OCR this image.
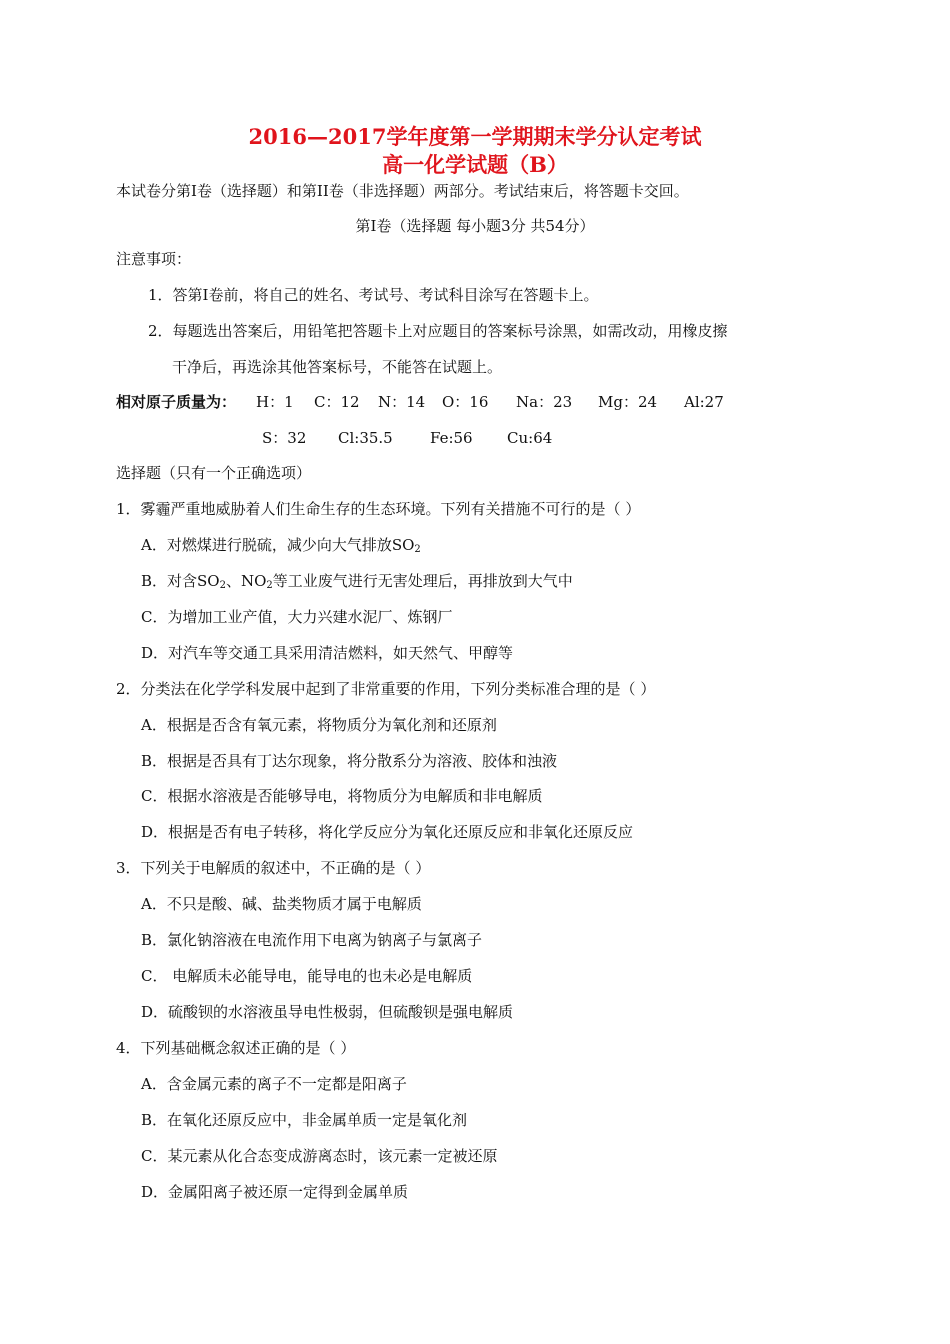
2016—2017学年度第一学期期末学分认定考试
高一化学试题（B）
本试卷分第Ⅰ卷（选择题）和第II卷（非选择题）两部分。考试结束后，将答题卡交回。
第Ⅰ卷（选择题 每小题3分 共54分）
注意事项：
1．答第Ⅰ卷前，将自己的姓名、考试号、考试科目涂写在答题卡上。
2．每题选出答案后，用铅笔把答题卡上对应题目的答案标号涂黑，如需改动，用橡皮擦
干净后，再选涂其他答案标号，不能答在试题上。
相对原子质量为： H：1 C：12 N：14 O：16 Na：23 Mg：24 Al:27
S：32 Cl:35.5 Fe:56 Cu:64
选择题（只有一个正确选项）
1．雾霾严重地威胁着人们生命生存的生态环境。下列有关措施不可行的是（ ）
A．对燃煤进行脱硫，减少向大气排放$SO_2$
B．对含$SO_2$、$NO_2$等工业废气进行无害处理后，再排放到大气中
C．为增加工业产值，大力兴建水泥厂、炼钢厂
D．对汽车等交通工具采用清洁燃料，如天然气、甲醇等
2．分类法在化学学科发展中起到了非常重要的作用，下列分类标准合理的是（ ）
A．根据是否含有氧元素，将物质分为氧化剂和还原剂
B．根据是否具有丁达尔现象，将分散系分为溶液、胶体和浊液
C．根据水溶液是否能够导电，将物质分为电解质和非电解质
D．根据是否有电子转移，将化学反应分为氧化还原反应和非氧化还原反应
3．下列关于电解质的叙述中，不正确的是（ ）
A．不只是酸、碱、盐类物质才属于电解质
B．氯化钠溶液在电流作用下电离为钠离子与氯离子
C． 电解质未必能导电，能导电的也未必是电解质
D．硫酸钡的水溶液虽导电性极弱，但硫酸钡是强电解质
4．下列基础概念叙述正确的是（ ）
A．含金属元素的离子不一定都是阳离子
B．在氧化还原反应中，非金属单质一定是氧化剂
C．某元素从化合态变成游离态时，该元素一定被还原
D．金属阳离子被还原一定得到金属单质
